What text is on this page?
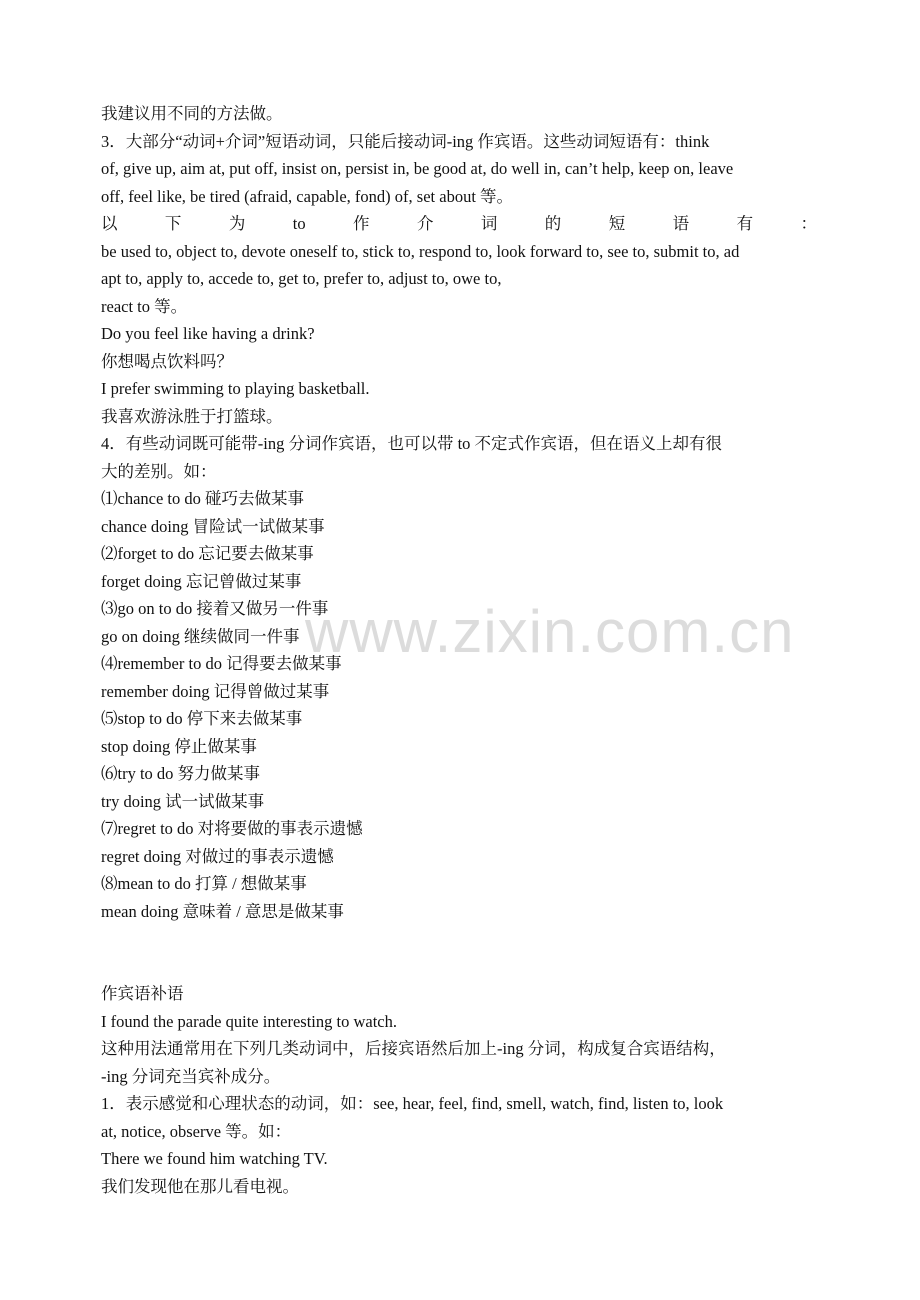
www.zixin.com.cn
我建议用不同的方法做。
3．大部分“动词+介词”短语动词，只能后接动词-ing 作宾语。这些动词短语有：think
of, give up, aim at, put off, insist on, persist in, be good at, do well in, can’t help, keep on, leave
off, feel like, be tired (afraid, capable, fond) of, set about 等。
以	下	为	to	作	介	词	的	短	语	有	：
be used to, object to, devote oneself to, stick to, respond to, look forward to, see to, submit to, ad
apt to, apply to, accede to, get to, prefer to, adjust to, owe to,
react to 等。
Do you feel like having a drink?
你想喝点饮料吗？
I prefer swimming to playing basketball.
我喜欢游泳胜于打篮球。
4．有些动词既可能带-ing 分词作宾语，也可以带 to 不定式作宾语，但在语义上却有很
大的差别。如：
⑴chance to do 碰巧去做某事
chance doing 冒险试一试做某事
⑵forget to do 忘记要去做某事
forget doing 忘记曾做过某事
⑶go on to do 接着又做另一件事
go on doing 继续做同一件事
⑷remember to do 记得要去做某事
remember doing 记得曾做过某事
⑸stop to do 停下来去做某事
stop doing 停止做某事
⑹try to do 努力做某事
try doing 试一试做某事
⑺regret to do 对将要做的事表示遗憾
regret doing 对做过的事表示遗憾
⑻mean to do 打算 / 想做某事
mean doing 意味着 / 意思是做某事
作宾语补语
I found the parade quite interesting to watch.
这种用法通常用在下列几类动词中，后接宾语然后加上-ing 分词，构成复合宾语结构，
-ing 分词充当宾补成分。
1．表示感觉和心理状态的动词，如：see, hear, feel, find, smell, watch, find, listen to, look
at, notice, observe 等。如：
There we found him watching TV.
我们发现他在那儿看电视。
